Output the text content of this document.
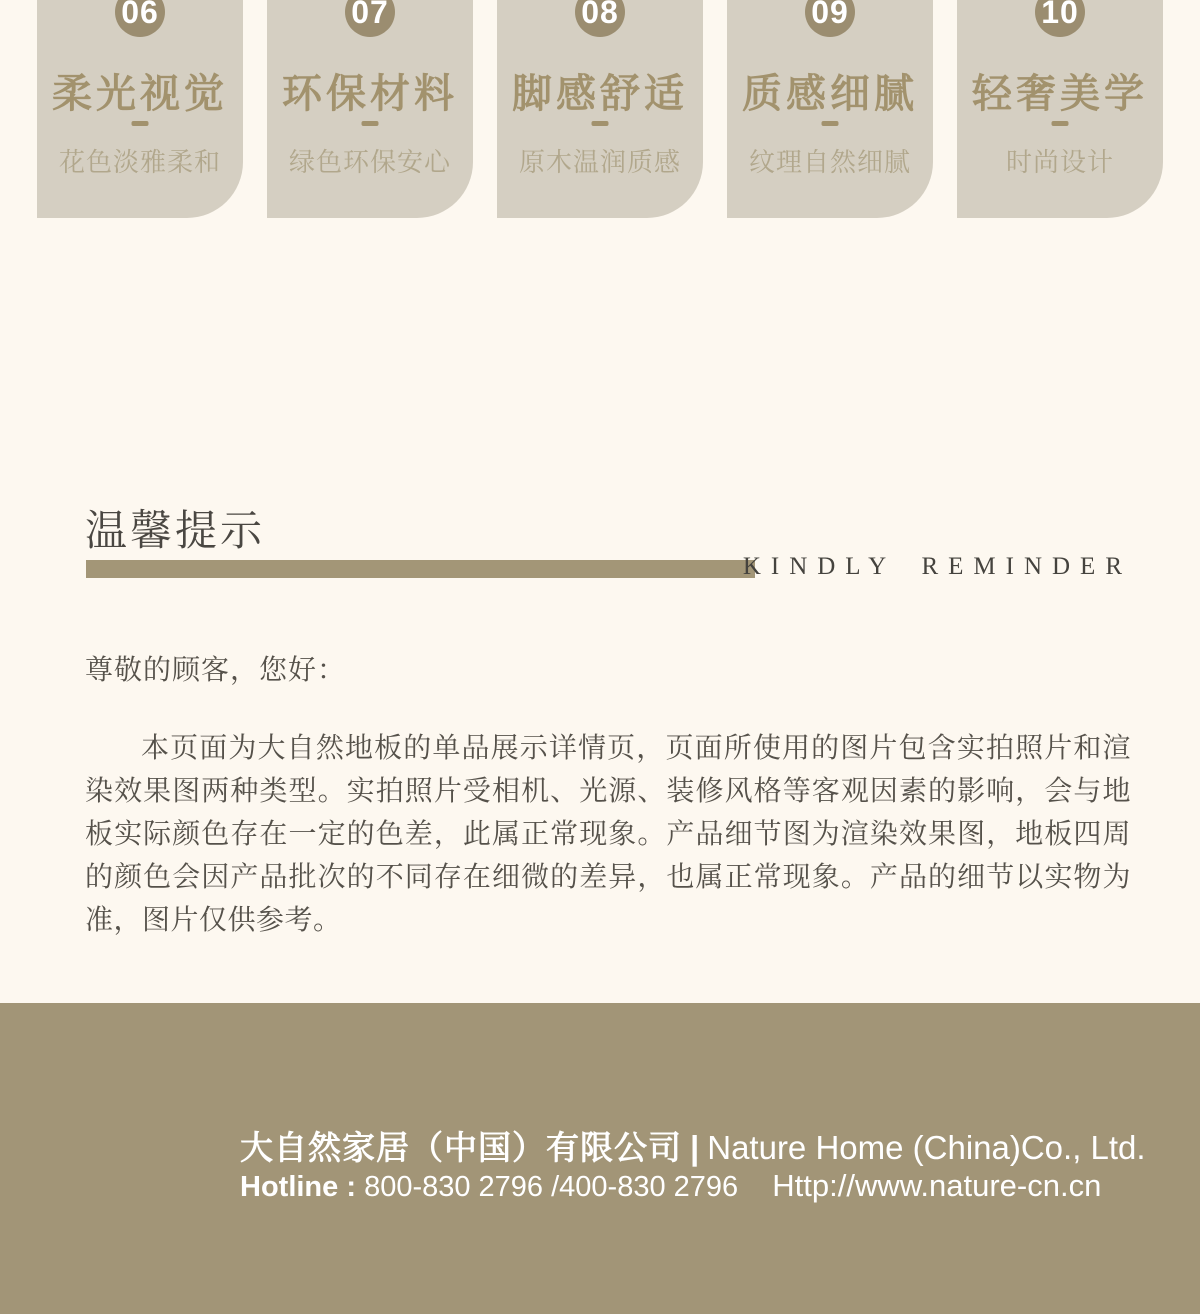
06
柔光视觉
花色淡雅柔和
07
环保材料
绿色环保安心
08
脚感舒适
原木温润质感
09
质感细腻
纹理自然细腻
10
轻奢美学
时尚设计
温馨提示
KINDLY REMINDER
尊敬的顾客，您好：
本页面为大自然地板的单品展示详情页，页面所使用的图片包含实拍照片和渲染效果图两种类型。实拍照片受相机、光源、装修风格等客观因素的影响，会与地板实际颜色存在一定的色差，此属正常现象。产品细节图为渲染效果图，地板四周的颜色会因产品批次的不同存在细微的差异，也属正常现象。产品的细节以实物为准，图片仅供参考。
大自然家居（中国）有限公司 | Nature Home (China)Co., Ltd.
Hotline : 800-830 2796 /400-830 2796 Http://www.nature-cn.cn
